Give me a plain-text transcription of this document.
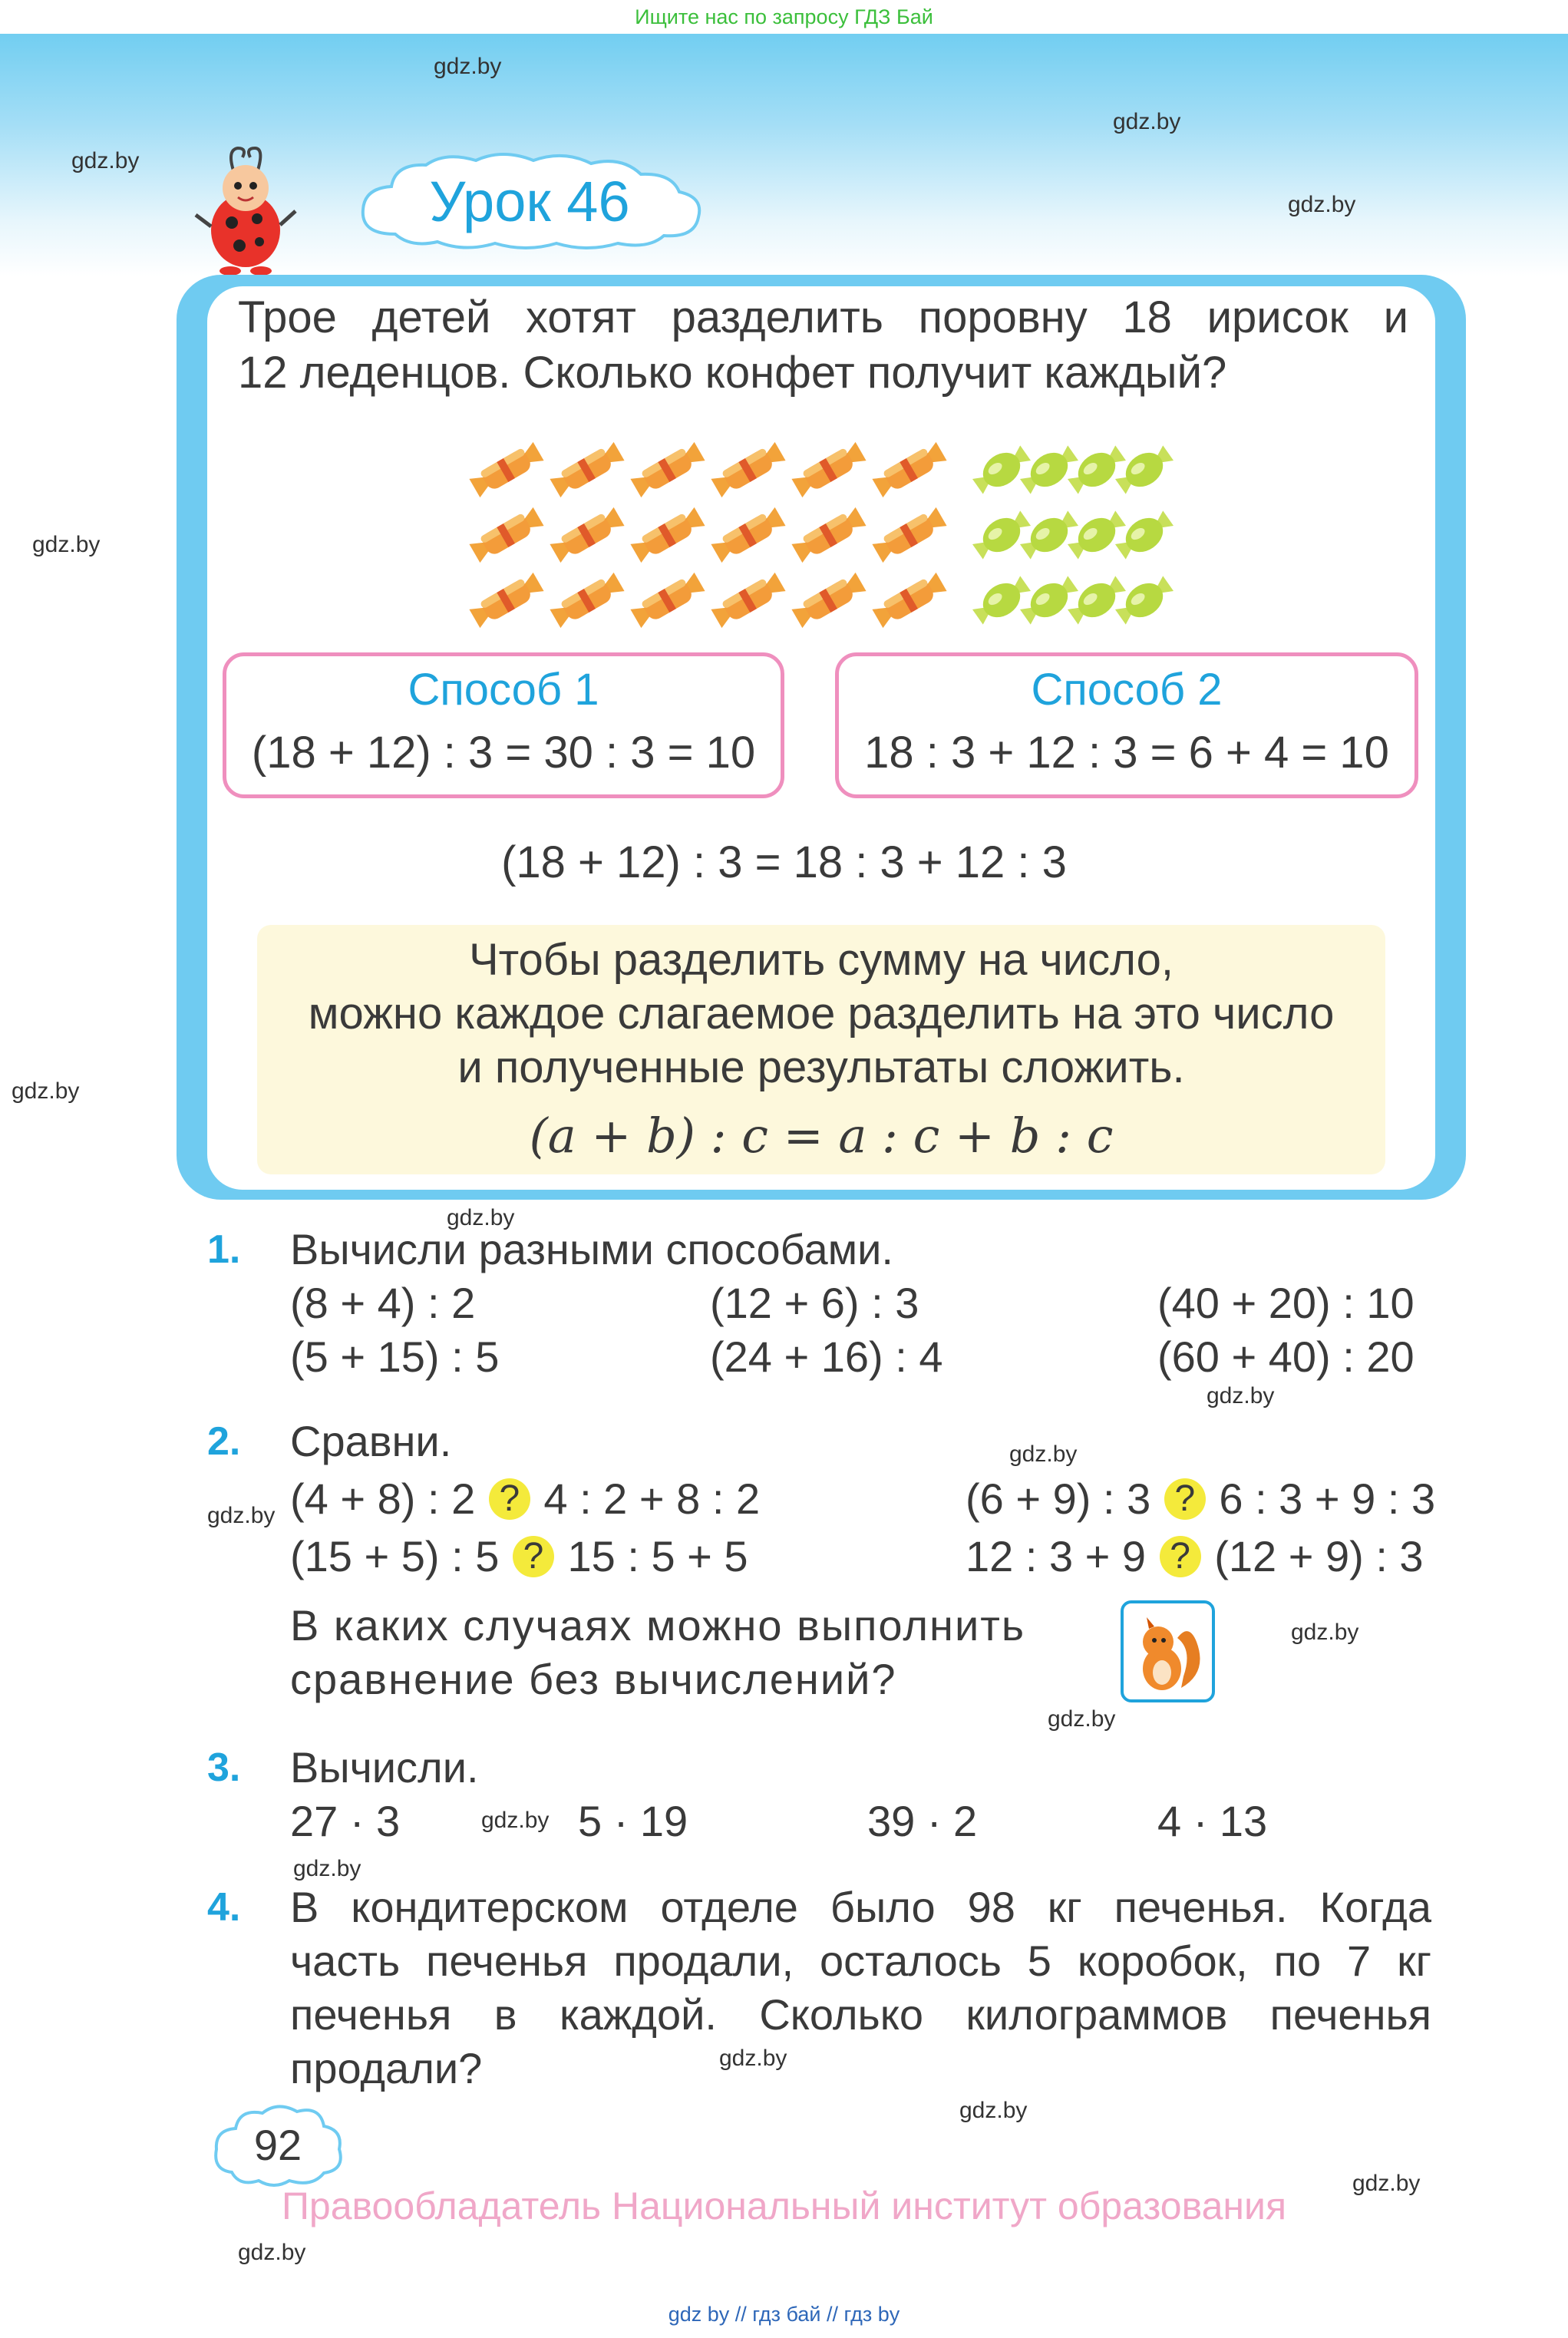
Ищите нас по запросу ГДЗ Бай
gdz.by
gdz.by
gdz.by
gdz.by
gdz.by
gdz.by
gdz.by
gdz.by
gdz.by
gdz.by
gdz.by
gdz.by
gdz.by
gdz.by
gdz.by
gdz.by
gdz.by
gdz.by
Урок 46
Трое детей хотят разделить поровну 18 ирисок и
12 леденцов. Сколько конфет получит каждый?
Способ 1
(18 + 12) : 3 = 30 : 3 = 10
Способ 2
18 : 3 + 12 : 3 = 6 + 4 = 10
(18 + 12) : 3 = 18 : 3 + 12 : 3
Чтобы разделить сумму на число,
можно каждое слагаемое разделить на это число
и полученные результаты сложить.
(a + b) : c = a : c + b : c
1. Вычисли разными способами.
(8 + 4) : 2	(12 + 6) : 3	(40 + 20) : 10
(5 + 15) : 5	(24 + 16) : 4	(60 + 40) : 20
2. Сравни.
(4 + 8) : 2 ? 4 : 2 + 8 : 2	(6 + 9) : 3 ? 6 : 3 + 9 : 3
(15 + 5) : 5 ? 15 : 5 + 5	12 : 3 + 9 ? (12 + 9) : 3
В каких случаях можно выполнить
сравнение без вычислений?
3. Вычисли.
27 · 3	5 · 19	39 · 2	4 · 13
4. В кондитерском отделе было 98 кг печенья. Когда
часть печенья продали, осталось 5 коробок, по 7 кг
печенья в каждой. Сколько килограммов печенья
продали?
92
Правообладатель Национальный институт образования
gdz by // гдз бай // гдз by
